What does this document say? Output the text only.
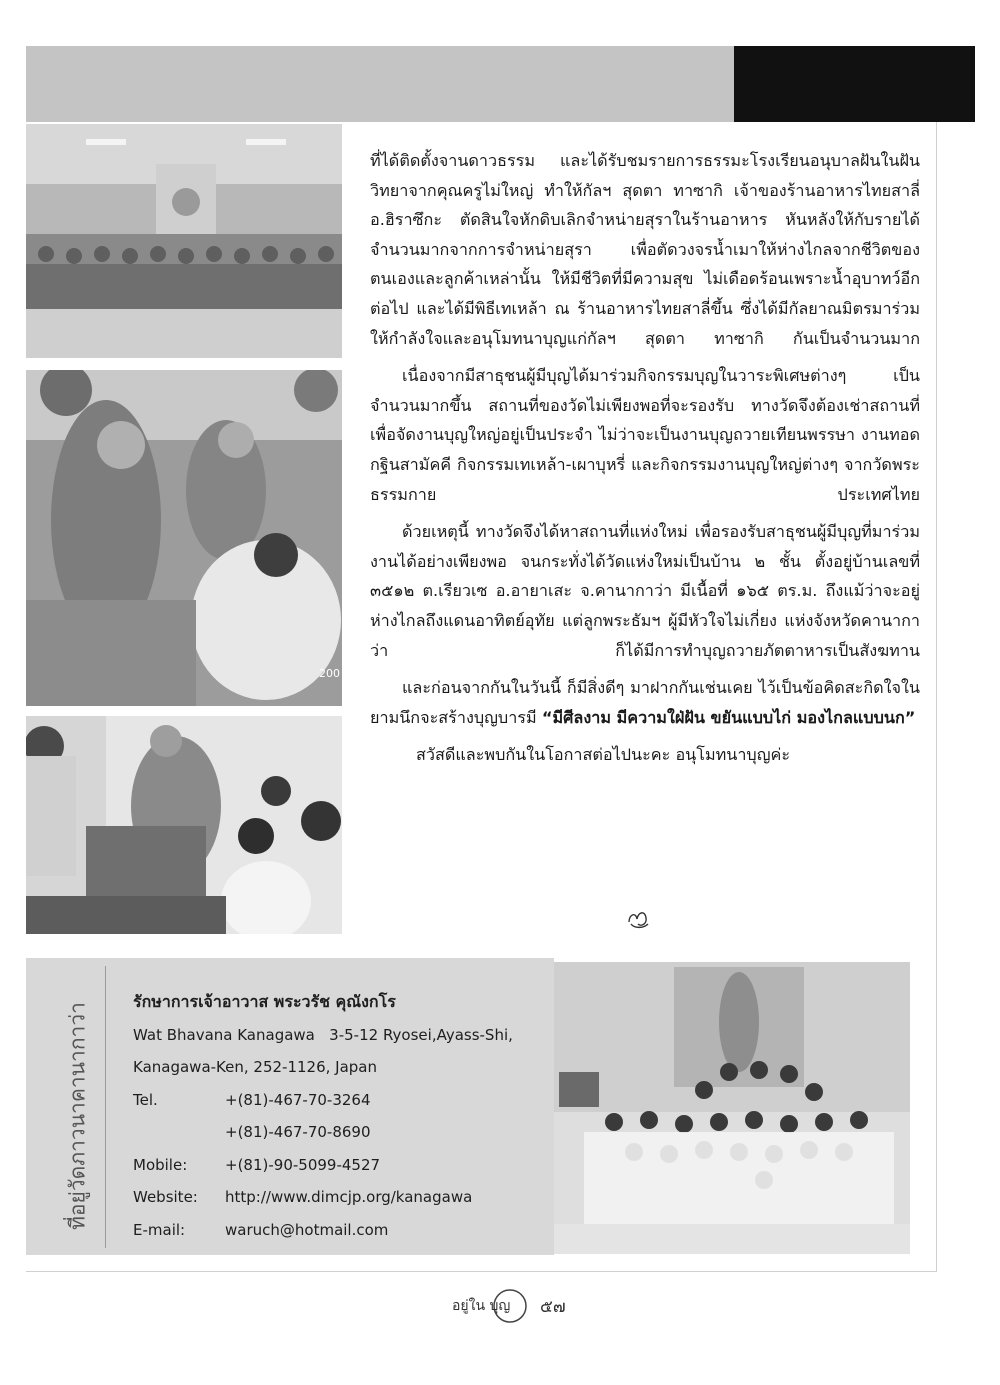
200

ที่ได้ติดตั้งจานดาวธรรม และได้รับชมรายการธรรมะโรงเรียนอนุบาลฝันในฝันวิทยาจากคุณครูไม่ใหญ่ ทำให้กัลฯ สุดตา ทาซากิ เจ้าของร้านอาหารไทยสาลี่ อ.ฮิราซึกะ ตัดสินใจหักดิบเลิกจำหน่ายสุราในร้านอาหาร หันหลังให้กับรายได้จำนวนมากจากการจำหน่ายสุรา เพื่อตัดวงจรน้ำเมาให้ห่างไกลจากชีวิตของตนเองและลูกค้าเหล่านั้น ให้มีชีวิตที่มีความสุข ไม่เดือดร้อนเพราะน้ำอุบาทว์อีกต่อไป และได้มีพิธีเทเหล้า ณ ร้านอาหารไทยสาลี่ขึ้น ซึ่งได้มีกัลยาณมิตรมาร่วมให้กำลังใจและอนุโมทนาบุญแก่กัลฯ สุดตา ทาซากิ กันเป็นจำนวนมาก

เนื่องจากมีสาธุชนผู้มีบุญได้มาร่วมกิจกรรมบุญในวาระพิเศษต่างๆ เป็นจำนวนมากขึ้น สถานที่ของวัดไม่เพียงพอที่จะรองรับ ทางวัดจึงต้องเช่าสถานที่เพื่อจัดงานบุญใหญ่อยู่เป็นประจำ ไม่ว่าจะเป็นงานบุญถวายเทียนพรรษา งานทอดกฐินสามัคคี กิจกรรมเทเหล้า-เผาบุหรี่ และกิจกรรมงานบุญใหญ่ต่างๆ จากวัดพระธรรมกาย ประเทศไทย

ด้วยเหตุนี้ ทางวัดจึงได้หาสถานที่แห่งใหม่ เพื่อรองรับสาธุชนผู้มีบุญที่มาร่วมงานได้อย่างเพียงพอ จนกระทั่งได้วัดแห่งใหม่เป็นบ้าน ๒ ชั้น ตั้งอยู่บ้านเลขที่ ๓๕๑๒ ต.เรียวเซ อ.อายาเสะ จ.คานากาว่า มีเนื้อที่ ๑๖๕ ตร.ม. ถึงแม้ว่าจะอยู่ห่างไกลถึงแดนอาทิตย์อุทัย แต่ลูกพระธัมฯ ผู้มีหัวใจไม่เกี่ยง แห่งจังหวัดคานากาว่า ก็ได้มีการทำบุญถวายภัตตาหารเป็นสังฆทาน

และก่อนจากกันในวันนี้ ก็มีสิ่งดีๆ มาฝากกันเช่นเคย ไว้เป็นข้อคิดสะกิดใจในยามนึกจะสร้างบุญบารมี “มีศีลงาม มีความใฝ่ฝัน ขยันแบบไก่ มองไกลแบบนก”

สวัสดีและพบกันในโอกาสต่อไปนะคะ อนุโมทนาบุญค่ะ

ที่อยู่วัดภาวนาคานากาว่า
รักษาการเจ้าอาวาส พระวรัช คุณังกโร
Wat Bhavana Kanagawa   3-5-12 Ryosei,Ayass-Shi,
Kanagawa-Ken, 252-1126, Japan
Tel.	+(81)-467-70-3264
+(81)-467-70-8690
Mobile:	+(81)-90-5099-4527
Website: http://www.dimcjp.org/kanagawa
E-mail:	waruch@hotmail.com
อยู่ใน บุญ ๕๗
